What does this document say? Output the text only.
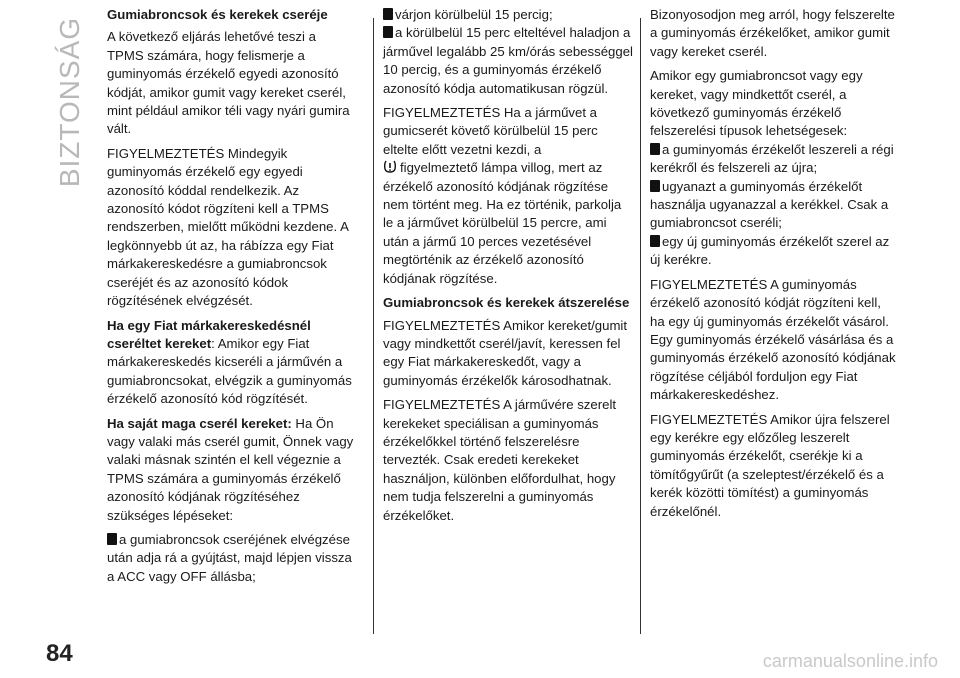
BIZTONSÁG
84	carmanualsonline.info
Gumiabroncsok és kerekek cseréje

A következő eljárás lehetővé teszi a TPMS számára, hogy felismerje a guminyomás érzékelő egyedi azonosító kódját, amikor gumit vagy kereket cserél, mint például amikor téli vagy nyári gumira vált.

FIGYELMEZTETÉS Mindegyik guminyomás érzékelő egy egyedi azonosító kóddal rendelkezik. Az azonosító kódot rögzíteni kell a TPMS rendszerben, mielőtt működni kezdene. A legkönnyebb út az, ha rábízza egy Fiat márkakereskedésre a gumiabroncsok cseréjét és az azonosító kódok rögzítésének elvégzését.

Ha egy Fiat márkakereskedésnél cseréltet kereket: Amikor egy Fiat márkakereskedés kicseréli a járművén a gumiabroncsokat, elvégzik a guminyomás érzékelő azonosító kód rögzítését.

Ha saját maga cserél kereket: Ha Ön vagy valaki más cserél gumit, Önnek vagy valaki másnak szintén el kell végeznie a TPMS számára a guminyomás érzékelő azonosító kódjának rögzítéséhez szükséges lépéseket:

a gumiabroncsok cseréjének elvégzése után adja rá a gyújtást, majd lépjen vissza a ACC vagy OFF állásba;

várjon körülbelül 15 percig;

a körülbelül 15 perc elteltével haladjon a járművel legalább 25 km/órás sebességgel 10 percig, és a guminyomás érzékelő azonosító kódja automatikusan rögzül.

FIGYELMEZTETÉS Ha a járművet a gumicserét követő körülbelül 15 perc eltelte előtt vezetni kezdi, a
figyelmeztető lámpa villog, mert az érzékelő azonosító kódjának rögzítése nem történt meg. Ha ez történik, parkolja le a járművet körülbelül 15 percre, ami után a jármű 10 perces vezetésével megtörténik az érzékelő azonosító kódjának rögzítése.

Gumiabroncsok és kerekek átszerelése

FIGYELMEZTETÉS Amikor kereket/gumit vagy mindkettőt cserél/javít, keressen fel egy Fiat márkakereskedőt, vagy a guminyomás érzékelők károsodhatnak.

FIGYELMEZTETÉS A járművére szerelt kerekeket speciálisan a guminyomás érzékelőkkel történő felszerelésre tervezték. Csak eredeti kerekeket használjon, különben előfordulhat, hogy nem tudja felszerelni a guminyomás érzékelőket.

Bizonyosodjon meg arról, hogy felszerelte a guminyomás érzékelőket, amikor gumit vagy kereket cserél.

Amikor egy gumiabroncsot vagy egy kereket, vagy mindkettőt cserél, a következő guminyomás érzékelő felszerelési típusok lehetségesek:

a guminyomás érzékelőt leszereli a régi kerékről és felszereli az újra;

ugyanazt a guminyomás érzékelőt használja ugyanazzal a kerékkel. Csak a gumiabroncsot cseréli;

egy új guminyomás érzékelőt szerel az új kerékre.

FIGYELMEZTETÉS A guminyomás érzékelő azonosító kódját rögzíteni kell, ha egy új guminyomás érzékelőt vásárol. Egy guminyomás érzékelő vásárlása és a guminyomás érzékelő azonosító kódjának rögzítése céljából forduljon egy Fiat márkakereskedéshez.

FIGYELMEZTETÉS Amikor újra felszerel egy kerékre egy előzőleg leszerelt guminyomás érzékelőt, cserékje ki a tömítőgyűrűt (a szeleptest/érzékelő és a kerék közötti tömítést) a guminyomás érzékelőnél.
